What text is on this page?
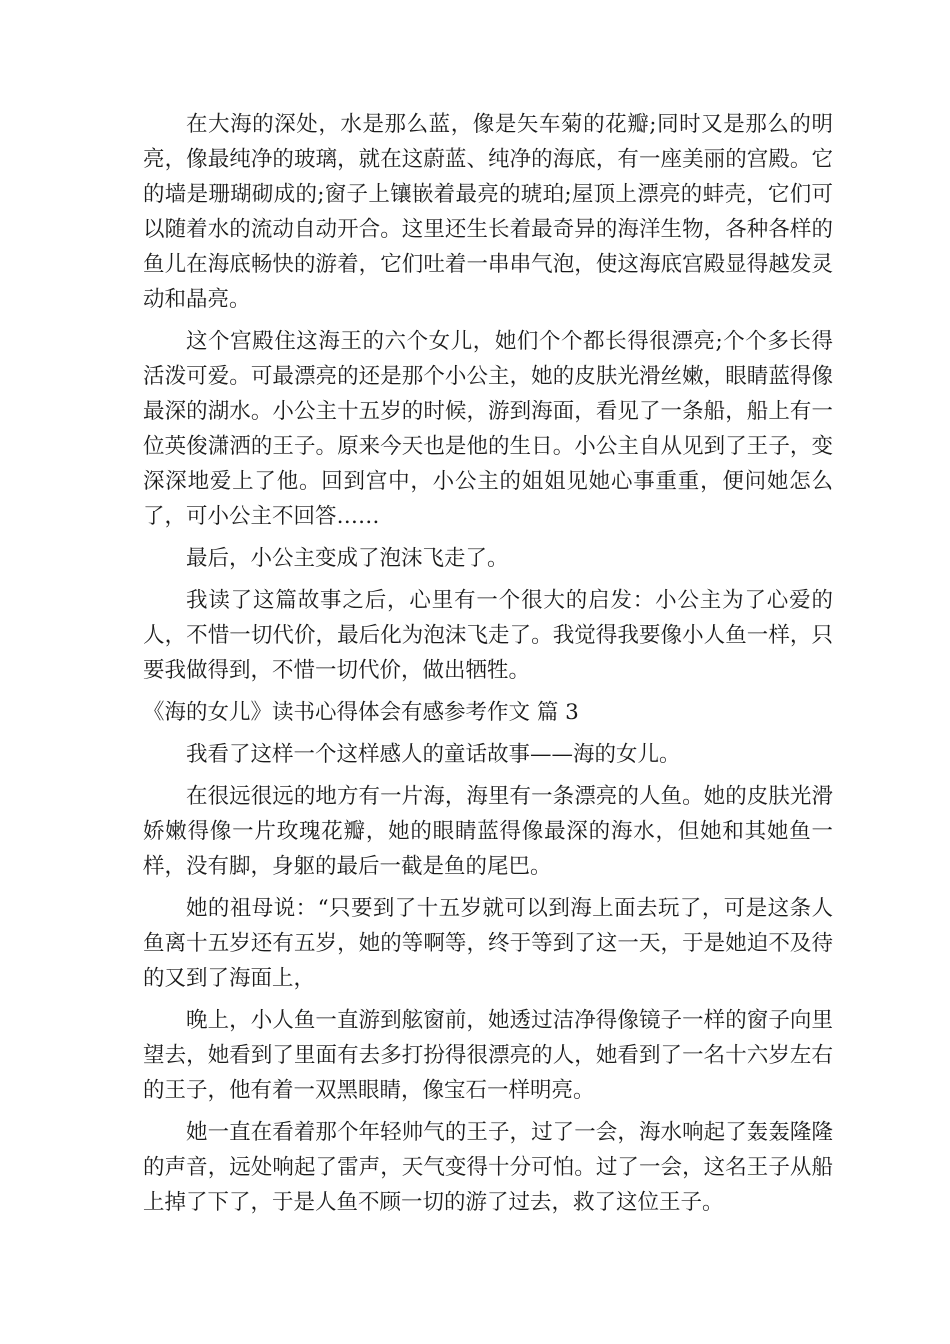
在大海的深处，水是那么蓝，像是矢车菊的花瓣;同时又是那么的明亮，像最纯净的玻璃，就在这蔚蓝、纯净的海底，有一座美丽的宫殿。它的墙是珊瑚砌成的;窗子上镶嵌着最亮的琥珀;屋顶上漂亮的蚌壳，它们可以随着水的流动自动开合。这里还生长着最奇异的海洋生物，各种各样的鱼儿在海底畅快的游着，它们吐着一串串气泡，使这海底宫殿显得越发灵动和晶亮。

这个宫殿住这海王的六个女儿，她们个个都长得很漂亮;个个多长得活泼可爱。可最漂亮的还是那个小公主，她的皮肤光滑丝嫩，眼睛蓝得像最深的湖水。小公主十五岁的时候，游到海面，看见了一条船，船上有一位英俊潇洒的王子。原来今天也是他的生日。小公主自从见到了王子，变深深地爱上了他。回到宫中，小公主的姐姐见她心事重重，便问她怎么了，可小公主不回答……

最后，小公主变成了泡沫飞走了。

我读了这篇故事之后，心里有一个很大的启发：小公主为了心爱的人，不惜一切代价，最后化为泡沫飞走了。我觉得我要像小人鱼一样，只要我做得到，不惜一切代价，做出牺牲。

《海的女儿》读书心得体会有感参考作文 篇 3

我看了这样一个这样感人的童话故事——海的女儿。

在很远很远的地方有一片海，海里有一条漂亮的人鱼。她的皮肤光滑娇嫩得像一片玫瑰花瓣，她的眼睛蓝得像最深的海水，但她和其她鱼一样，没有脚，身躯的最后一截是鱼的尾巴。

她的祖母说：“只要到了十五岁就可以到海上面去玩了，可是这条人鱼离十五岁还有五岁，她的等啊等，终于等到了这一天，于是她迫不及待的又到了海面上，

晚上，小人鱼一直游到舷窗前，她透过洁净得像镜子一样的窗子向里望去，她看到了里面有去多打扮得很漂亮的人，她看到了一名十六岁左右的王子，他有着一双黑眼睛，像宝石一样明亮。

她一直在看着那个年轻帅气的王子，过了一会，海水响起了轰轰隆隆的声音，远处响起了雷声，天气变得十分可怕。过了一会，这名王子从船上掉了下了，于是人鱼不顾一切的游了过去，救了这位王子。
